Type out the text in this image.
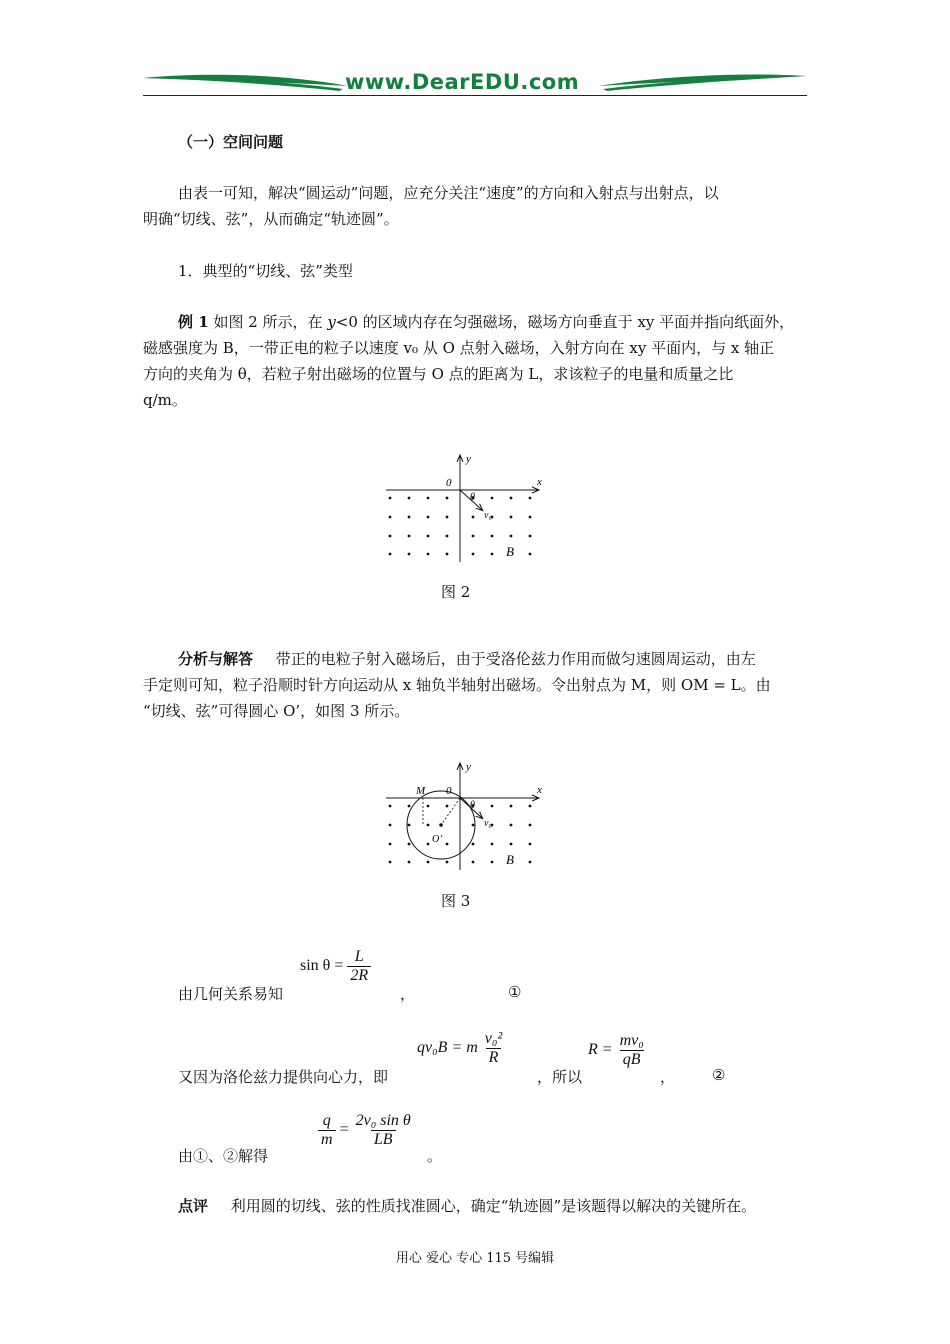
www.DearEDU.com
（一）空间问题
由表一可知，解决“圆运动”问题，应充分关注“速度”的方向和入射点与出射点，以
明确“切线、弦”，从而确定“轨迹圆”。
1．典型的“切线、弦”类型
例 1 如图 2 所示，在 y<0 的区域内存在匀强磁场，磁场方向垂直于 xy 平面并指向纸面外，
磁感强度为 B，一带正电的粒子以速度 v₀ 从 O 点射入磁场，入射方向在 xy 平面内，与 x 轴正
方向的夹角为 θ，若粒子射出磁场的位置与 O 点的距离为 L，求该粒子的电量和质量之比
q/m。
y
x
0
θ
v₀
B
图 2
分析与解答 带正的电粒子射入磁场后，由于受洛伦兹力作用而做匀速圆周运动，由左
手定则可知，粒子沿顺时针方向运动从 x 轴负半轴射出磁场。令出射点为 M，则 OM = L。由
“切线、弦”可得圆心 O’，如图 3 所示。
y
x
M 0
θ
v₀
O’
B
图 3
由几何关系易知
$\sin \theta = \frac{L}{2R}$
，	①
又因为洛伦兹力提供向心力，即
qv₀B = m $\frac{\text{v₀²}}{R}$
，所以
$R = \frac{\text{mv₀}}{qB}$
， ②
由①、②解得
$\frac{q}{m} = \frac{\text{2v₀ sin θ}}{LB}$
。
点评 利用圆的切线、弦的性质找准圆心，确定“轨迹圆”是该题得以解决的关键所在。
用心 爱心 专心 115 号编辑
